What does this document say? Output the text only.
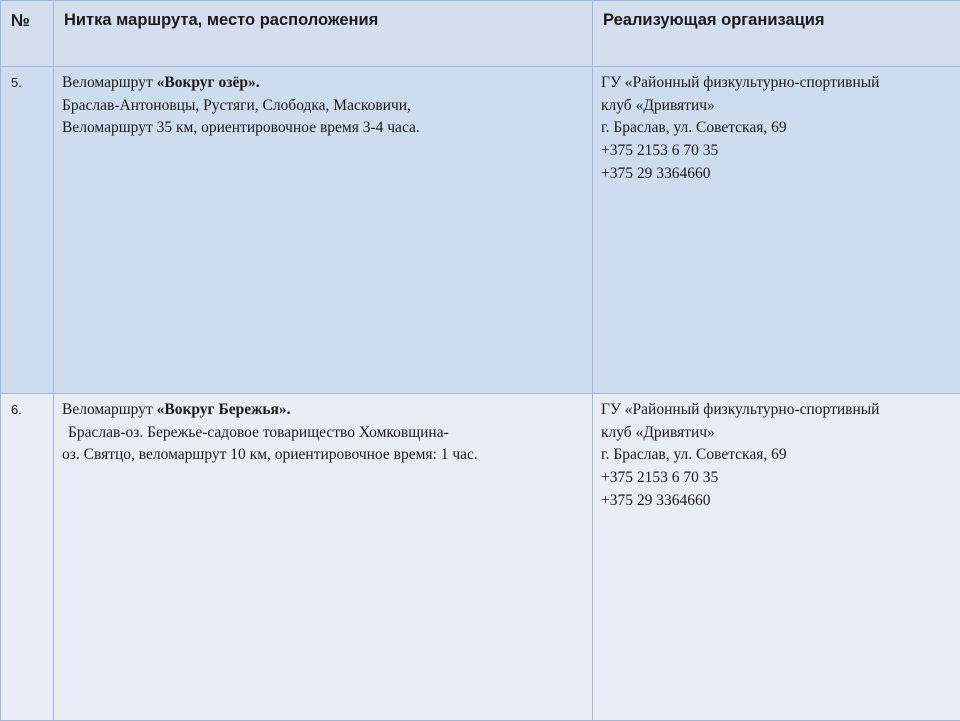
№	Нитка маршрута, место расположения	Реализующая организация
5.	Веломаршрут «Вокруг озёр».
Браслав-Антоновцы, Рустяги, Слободка, Масковичи,
Веломаршрут 35 км, ориентировочное время 3-4 часа.	ГУ «Районный физкультурно-спортивный
клуб «Дривятич»
г. Браслав, ул. Советская, 69
+375 2153 6 70 35
+375 29 3364660

6.	Веломаршрут «Вокруг Бережья».
Браслав-оз. Бережье-садовое товарищество Хомковщина-
оз. Святцо, веломаршрут 10 км, ориентировочное время: 1 час.	ГУ «Районный физкультурно-спортивный
клуб «Дривятич»
г. Браслав, ул. Советская, 69
+375 2153 6 70 35
+375 29 3364660
